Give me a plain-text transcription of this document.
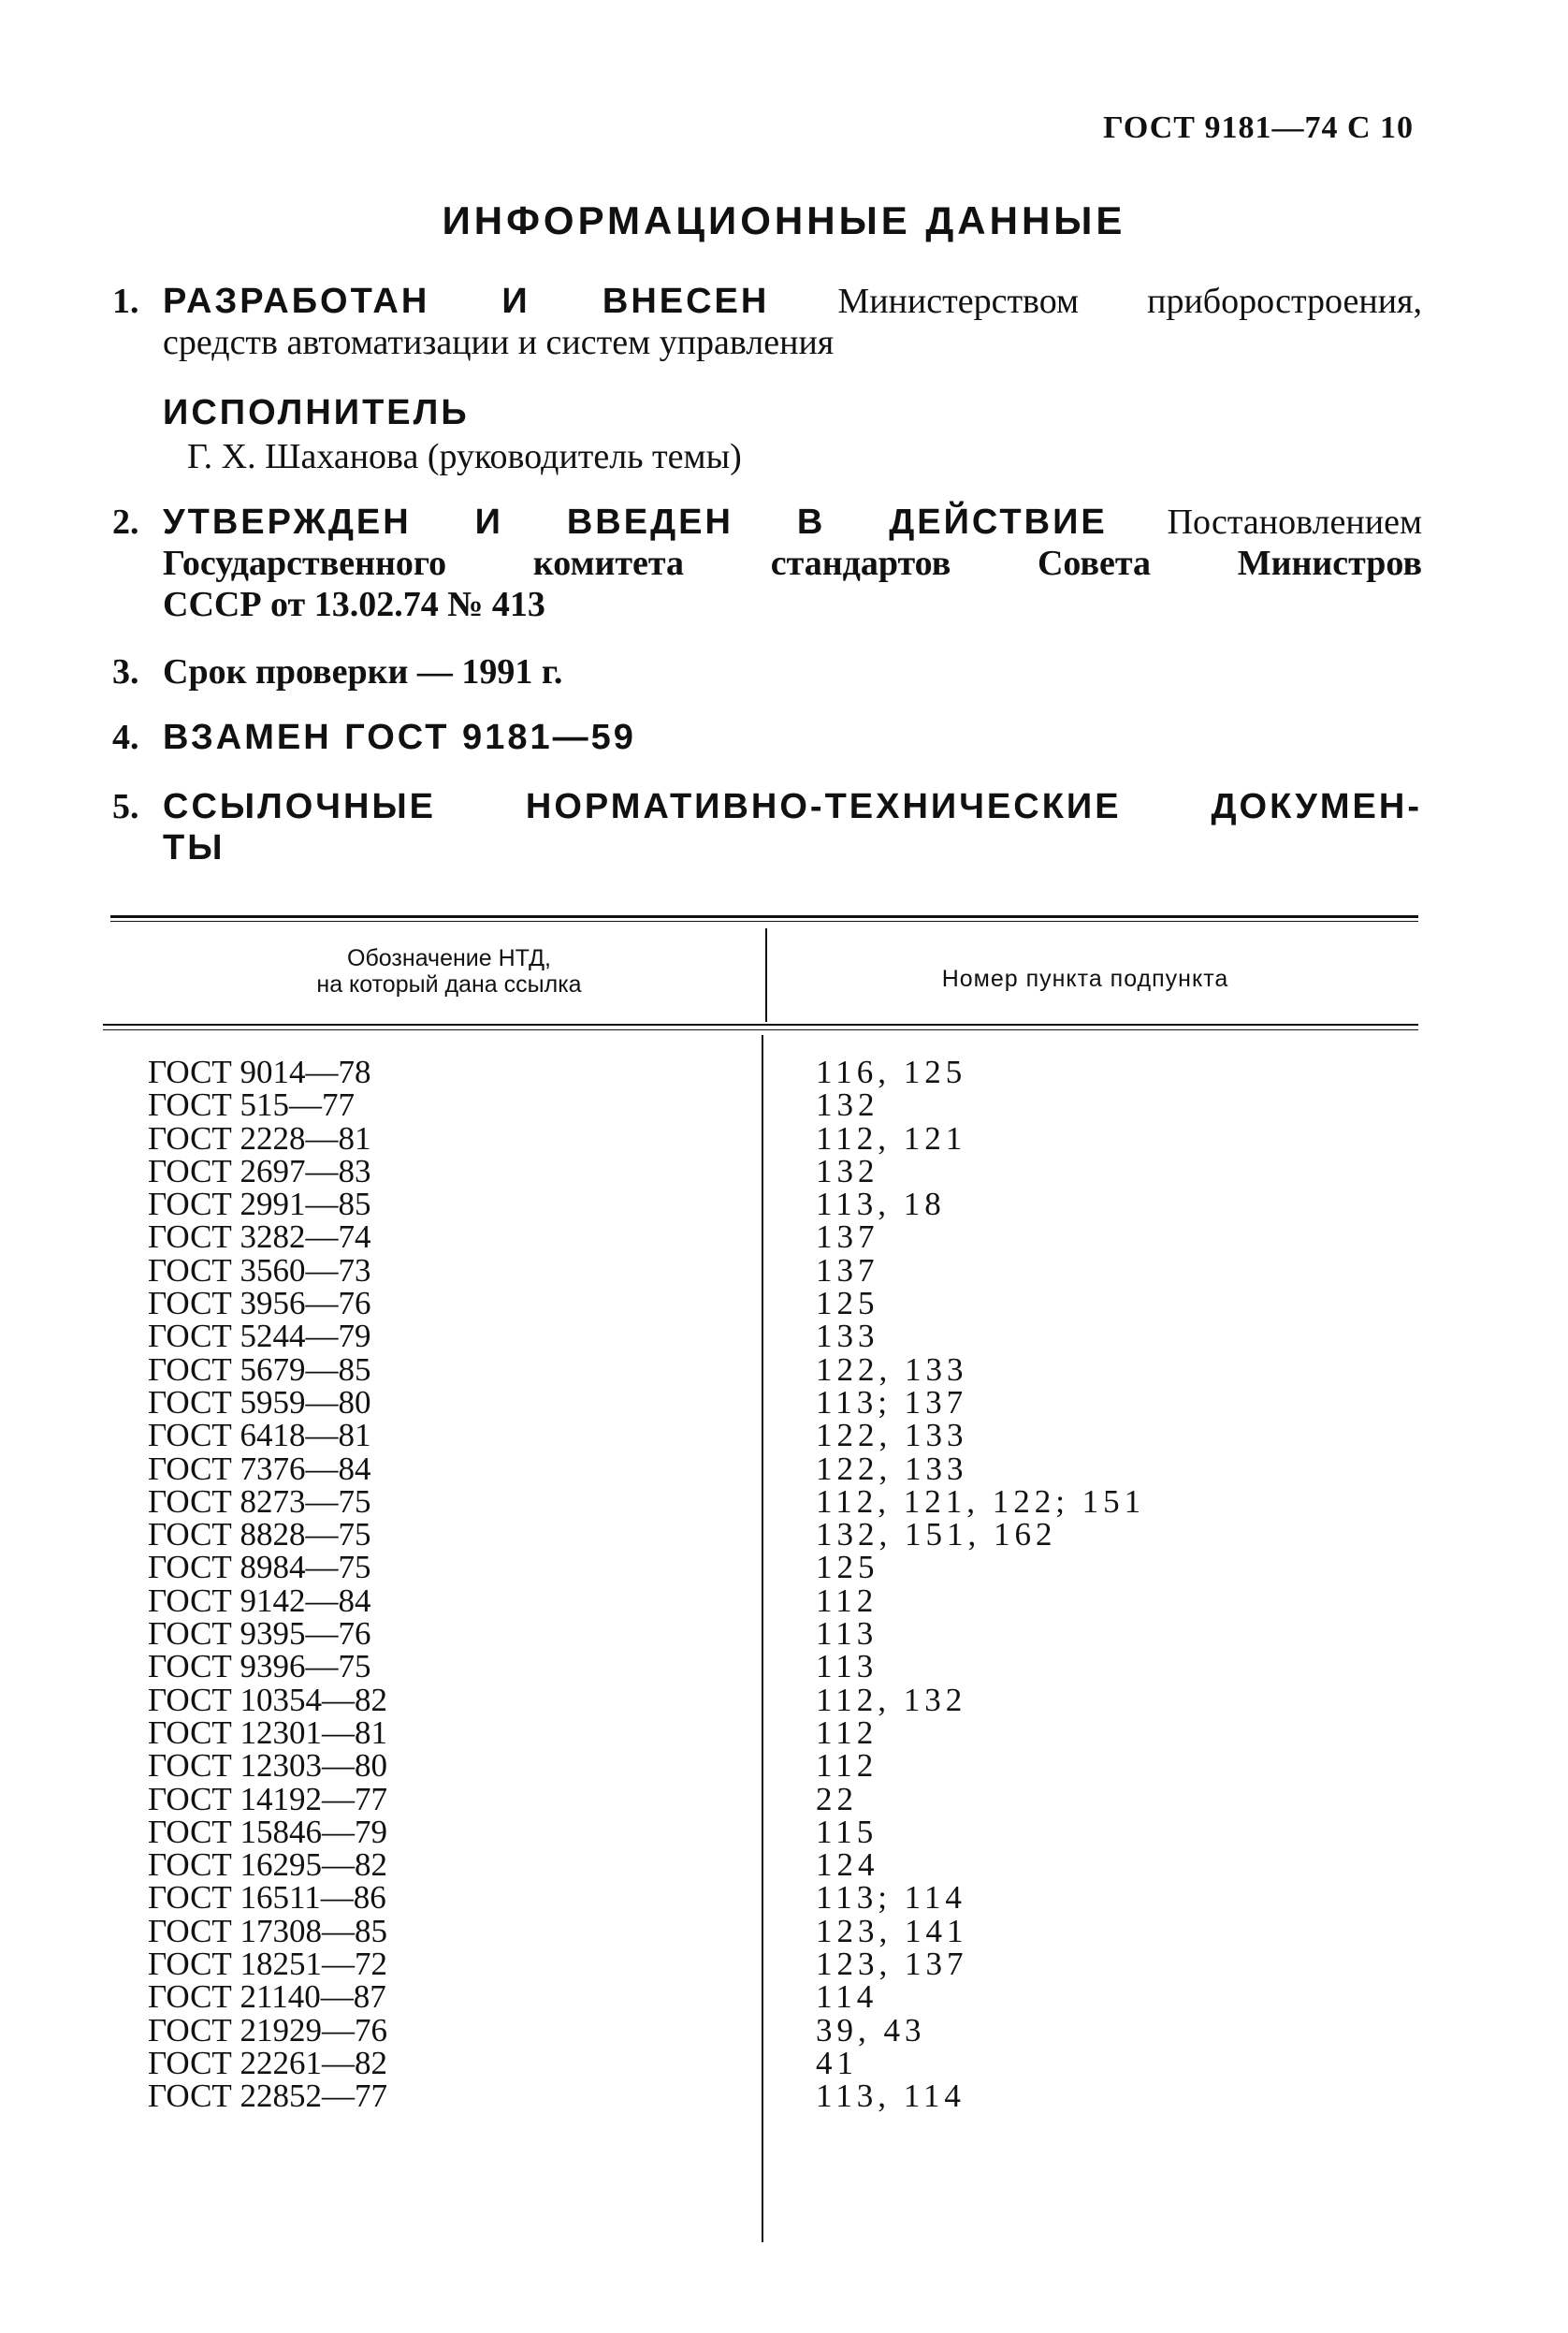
ГОСТ 9181—74 С 10
ИНФОРМАЦИОННЫЕ ДАННЫЕ
1. РАЗРАБОТАН И ВНЕСЕН Министерством приборостроения,
средств автоматизации и систем управления
ИСПОЛНИТЕЛЬ
Г. Х. Шаханова (руководитель темы)
2. УТВЕРЖДЕН И ВВЕДЕН В ДЕЙСТВИЕ Постановлением
Государственного комитета стандартов Совета Министров
СССР от 13.02.74 № 413
3. Срок проверки — 1991 г.
4. ВЗАМЕН ГОСТ 9181—59
5. ССЫЛОЧНЫЕ НОРМАТИВНО-ТЕХНИЧЕСКИЕ ДОКУМЕН-
ТЫ
Обозначение НТД,
на который дана ссылка	Номер пункта подпункта
ГОСТ 9014—78	116, 125
ГОСТ 515—77	132
ГОСТ 2228—81	112, 121
ГОСТ 2697—83	132
ГОСТ 2991—85	113, 18
ГОСТ 3282—74	137
ГОСТ 3560—73	137
ГОСТ 3956—76	125
ГОСТ 5244—79	133
ГОСТ 5679—85	122, 133
ГОСТ 5959—80	113; 137
ГОСТ 6418—81	122, 133
ГОСТ 7376—84	122, 133
ГОСТ 8273—75	112, 121, 122; 151
ГОСТ 8828—75	132, 151, 162
ГОСТ 8984—75	125
ГОСТ 9142—84	112
ГОСТ 9395—76	113
ГОСТ 9396—75	113
ГОСТ 10354—82	112, 132
ГОСТ 12301—81	112
ГОСТ 12303—80	112
ГОСТ 14192—77	22
ГОСТ 15846—79	115
ГОСТ 16295—82	124
ГОСТ 16511—86	113; 114
ГОСТ 17308—85	123, 141
ГОСТ 18251—72	123, 137
ГОСТ 21140—87	114
ГОСТ 21929—76	39, 43
ГОСТ 22261—82	41
ГОСТ 22852—77	113, 114
